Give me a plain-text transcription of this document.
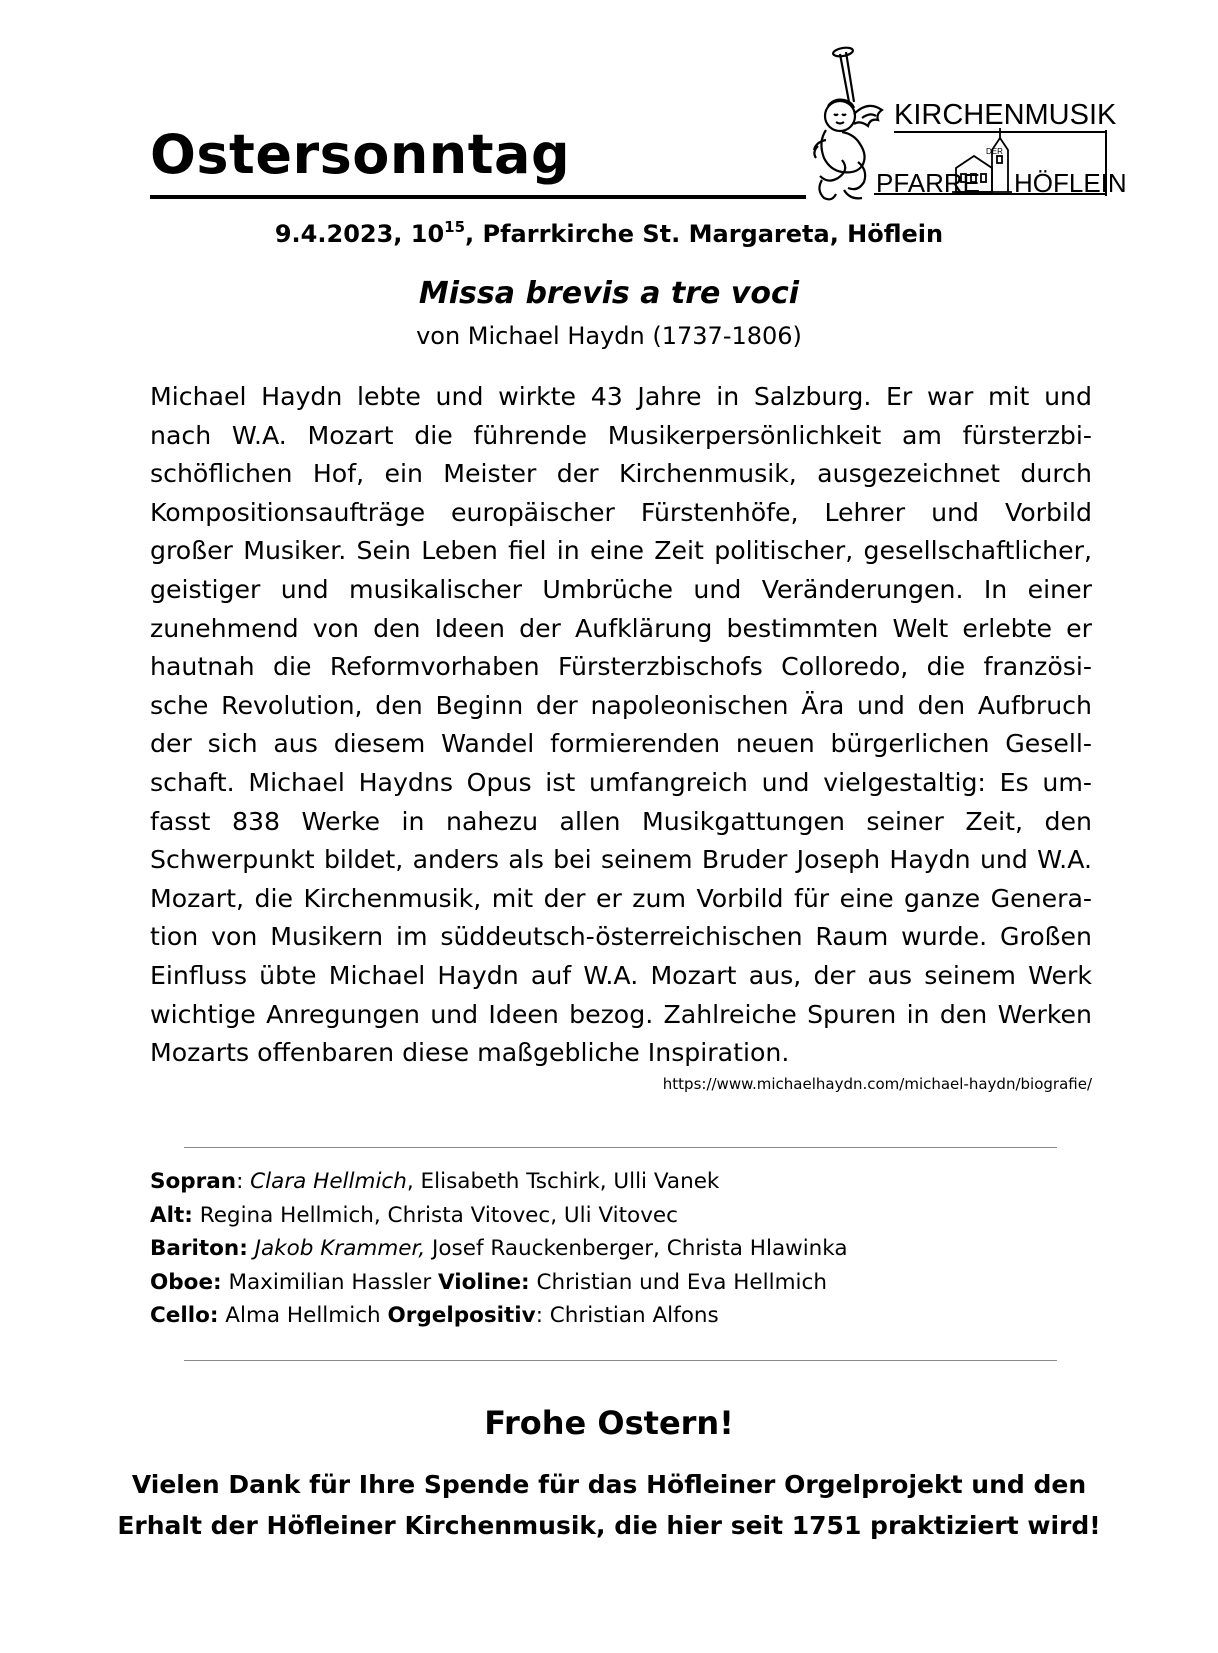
Ostersonntag
KIRCHENMUSIK
DER
PFARRE HÖFLEIN
9.4.2023, $10^{15}$, Pfarrkirche St. Margareta, Höflein
Missa brevis a tre voci
von Michael Haydn (1737-1806)
Michael Haydn lebte und wirkte 43 Jahre in Salzburg. Er war mit und
nach W.A. Mozart die führende Musikerpersönlichkeit am fürsterzbi-
schöflichen Hof, ein Meister der Kirchenmusik, ausgezeichnet durch
Kompositionsaufträge europäischer Fürstenhöfe, Lehrer und Vorbild
großer Musiker. Sein Leben fiel in eine Zeit politischer, gesellschaftlicher,
geistiger und musikalischer Umbrüche und Veränderungen. In einer
zunehmend von den Ideen der Aufklärung bestimmten Welt erlebte er
hautnah die Reformvorhaben Fürsterzbischofs Colloredo, die französi-
sche Revolution, den Beginn der napoleonischen Ära und den Aufbruch
der sich aus diesem Wandel formierenden neuen bürgerlichen Gesell-
schaft. Michael Haydns Opus ist umfangreich und vielgestaltig: Es um-
fasst 838 Werke in nahezu allen Musikgattungen seiner Zeit, den
Schwerpunkt bildet, anders als bei seinem Bruder Joseph Haydn und W.A.
Mozart, die Kirchenmusik, mit der er zum Vorbild für eine ganze Genera-
tion von Musikern im süddeutsch-österreichischen Raum wurde. Großen
Einfluss übte Michael Haydn auf W.A. Mozart aus, der aus seinem Werk
wichtige Anregungen und Ideen bezog. Zahlreiche Spuren in den Werken
Mozarts offenbaren diese maßgebliche Inspiration.
https://www.michaelhaydn.com/michael-haydn/biografie/
Sopran: Clara Hellmich, Elisabeth Tschirk, Ulli Vanek
Alt: Regina Hellmich, Christa Vitovec, Uli Vitovec
Bariton: Jakob Krammer, Josef Rauckenberger, Christa Hlawinka
Oboe: Maximilian Hassler Violine: Christian und Eva Hellmich
Cello: Alma Hellmich Orgelpositiv: Christian Alfons
Frohe Ostern!
Vielen Dank für Ihre Spende für das Höfleiner Orgelprojekt und den
Erhalt der Höfleiner Kirchenmusik, die hier seit 1751 praktiziert wird!
